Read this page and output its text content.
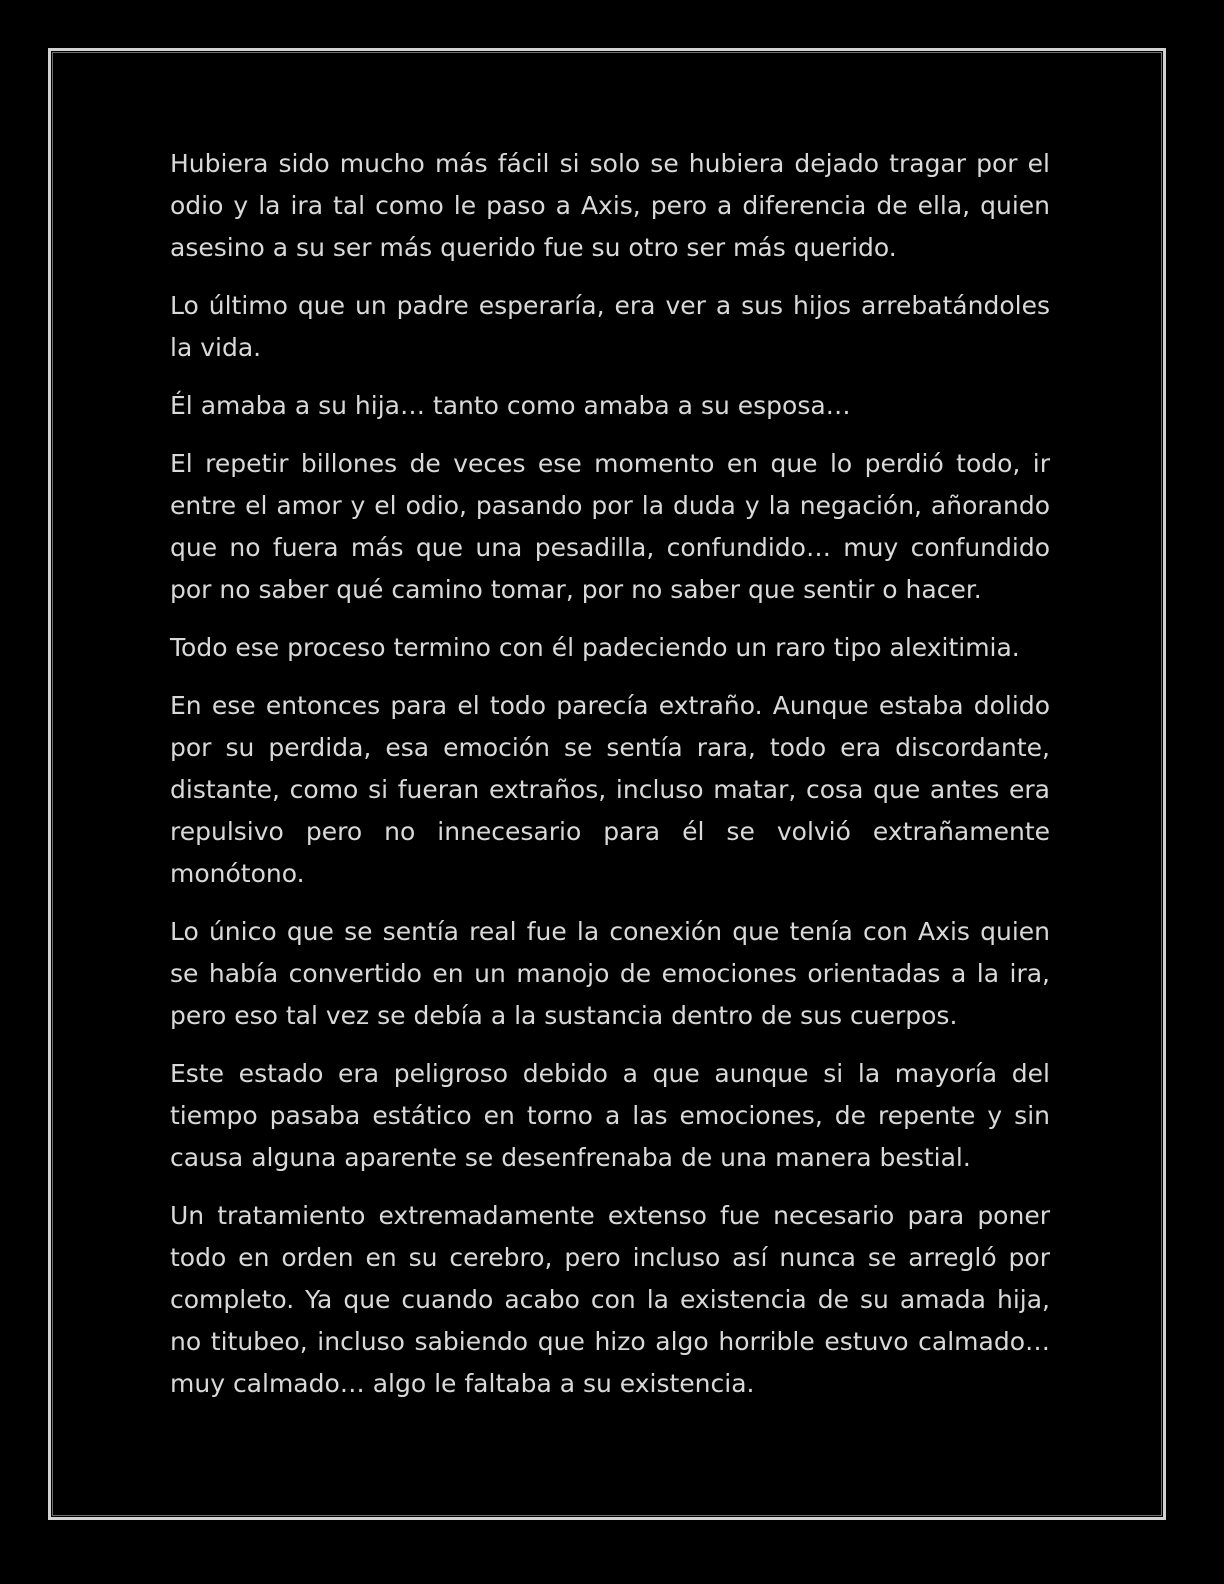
Hubiera sido mucho más fácil si solo se hubiera dejado tragar por el odio y la ira tal como le paso a Axis, pero a diferencia de ella, quien asesino a su ser más querido fue su otro ser más querido.

Lo último que un padre esperaría, era ver a sus hijos arrebatándoles la vida.

Él amaba a su hija… tanto como amaba a su esposa…

El repetir billones de veces ese momento en que lo perdió todo, ir entre el amor y el odio, pasando por la duda y la negación, añorando que no fuera más que una pesadilla, confundido… muy confundido por no saber qué camino tomar, por no saber que sentir o hacer.

Todo ese proceso termino con él padeciendo un raro tipo alexitimia.

En ese entonces para el todo parecía extraño. Aunque estaba dolido por su perdida, esa emoción se sentía rara, todo era discordante, distante, como si fueran extraños, incluso matar, cosa que antes era repulsivo pero no innecesario para él se volvió extrañamente monótono.

Lo único que se sentía real fue la conexión que tenía con Axis quien se había convertido en un manojo de emociones orientadas a la ira, pero eso tal vez se debía a la sustancia dentro de sus cuerpos.

Este estado era peligroso debido a que aunque si la mayoría del tiempo pasaba estático en torno a las emociones, de repente y sin causa alguna aparente se desenfrenaba de una manera bestial.

Un tratamiento extremadamente extenso fue necesario para poner todo en orden en su cerebro, pero incluso así nunca se arregló por completo. Ya que cuando acabo con la existencia de su amada hija, no titubeo, incluso sabiendo que hizo algo horrible estuvo calmado… muy calmado… algo le faltaba a su existencia.
